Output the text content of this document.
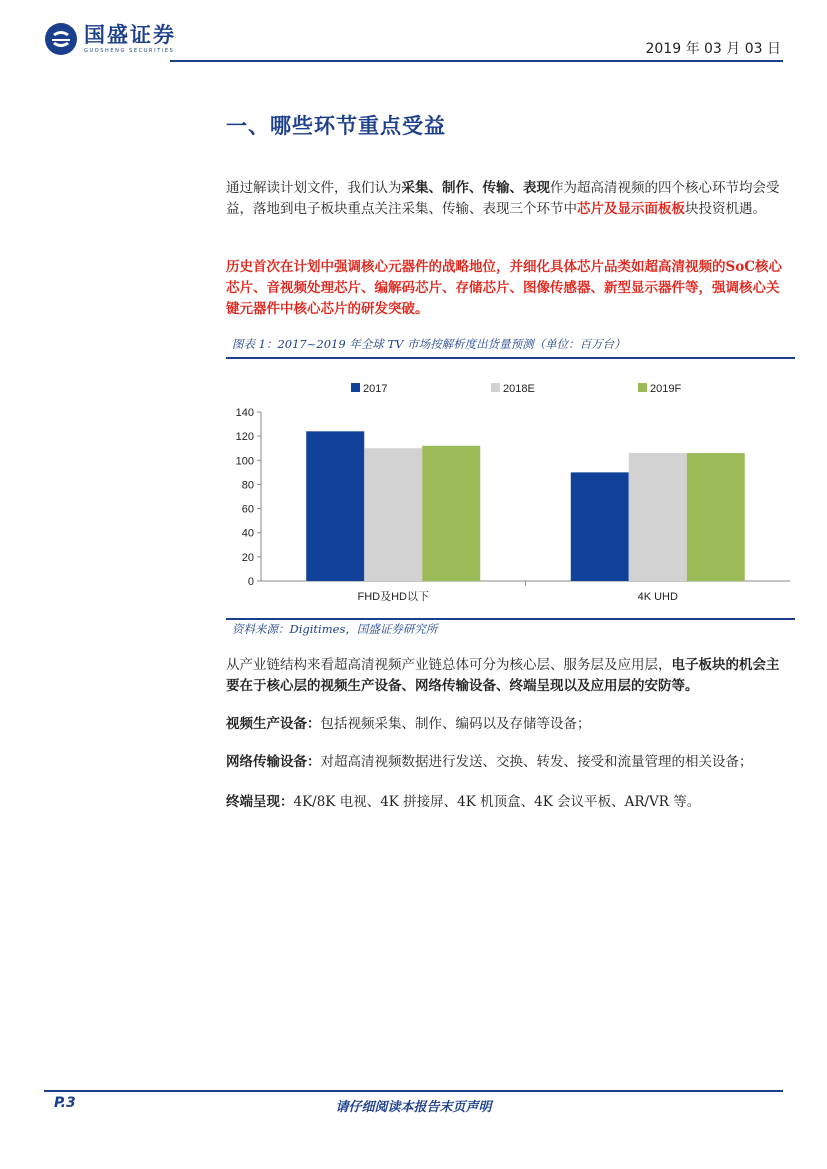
国盛证券
GUOSHENG SECURITIES	2019 年 03 月 03 日
一、哪些环节重点受益
通过解读计划文件，我们认为采集、制作、传输、表现作为超高清视频的四个核心环节均会受益，落地到电子板块重点关注采集、传输、表现三个环节中芯片及显示面板板块投资机遇。
历史首次在计划中强调核心元器件的战略地位，并细化具体芯片品类如超高清视频的SoC核心芯片、音视频处理芯片、编解码芯片、存储芯片、图像传感器、新型显示器件等，强调核心关键元器件中核心芯片的研发突破。
图表 1：2017~2019 年全球 TV 市场按解析度出货量预测（单位：百万台）
0
20
40
60
80
100
120
140
FHD及HD以下	4K UHD
2017	2018E	2019F
资料来源：Digitimes，国盛证券研究所
从产业链结构来看超高清视频产业链总体可分为核心层、服务层及应用层，电子板块的机会主要在于核心层的视频生产设备、网络传输设备、终端呈现以及应用层的安防等。
视频生产设备：包括视频采集、制作、编码以及存储等设备；
网络传输设备：对超高清视频数据进行发送、交换、转发、接受和流量管理的相关设备；
终端呈现：4K/8K 电视、4K 拼接屏、4K 机顶盒、4K 会议平板、AR/VR 等。
P.3	请仔细阅读本报告末页声明
